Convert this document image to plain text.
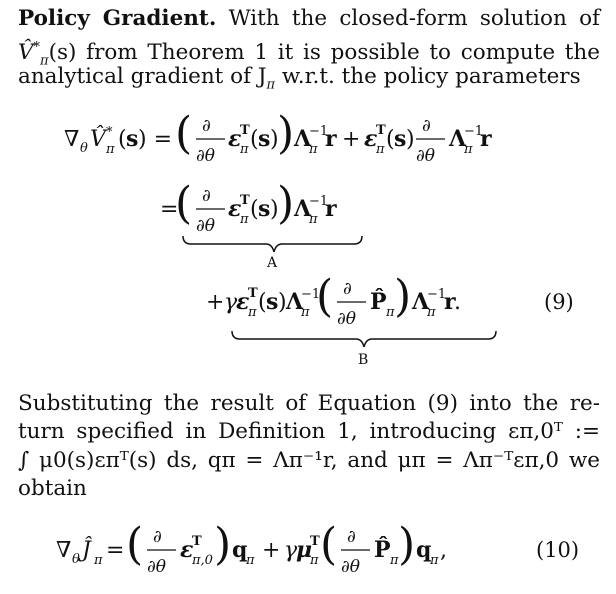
Policy Gradient. With the closed-form solution of
$V̂^*_\pi(s)$ from Theorem 1 it is possible to compute the
analytical gradient of $J_\pi$ w.r.t. the policy parameters
∇ θ V̂ *
π ( s ) = ( ∂
∂θ
ε
T
π ( s )
) Λ
−1
π r + ε
T
π ( s )
∂
∂θ
Λ
−1
π r
=
( ∂
∂θ
ε
T
π ( s )
) Λ
−1
π r
A
+ γ
ε
T
π ( s ) Λ
−1
π ( ∂
∂θ
P̂ π ) Λ
−1
π r
.
B
(9)
Substituting the result of Equation (9) into the re-
turn specified in Definition 1, introducing επ,0ᵀ :=
∫ μ0(s)επᵀ(s) ds, qπ = Λπ⁻¹r, and μπ = Λπ⁻ᵀεπ,0 we
obtain
∇ θ Ĵ π = ( ∂
∂θ
ε
T
π,0 ) q
π + γ
μ
T
π ( ∂
∂θ
P̂ π ) q
π ,	(10)
